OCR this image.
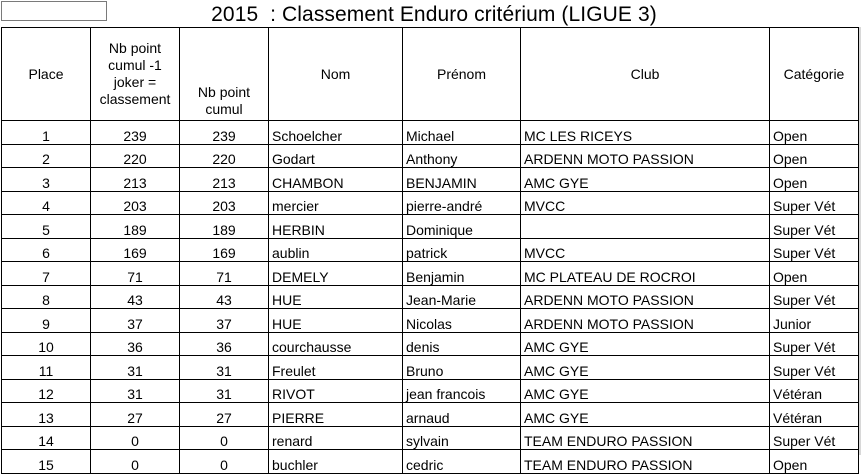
2015  : Classement Enduro critérium (LIGUE 3)
Place	Nb point cumul -1 joker = classement	Nb point cumul	Nom	Prénom	Club	Catégorie
1	239	239	Schoelcher	Michael	MC LES RICEYS	Open
2	220	220	Godart	Anthony	ARDENN MOTO PASSION	Open
3	213	213	CHAMBON	BENJAMIN	AMC GYE	Open
4	203	203	mercier	pierre-andré	MVCC	Super Vét
5	189	189	HERBIN	Dominique		Super Vét
6	169	169	aublin	patrick	MVCC	Super Vét
7	71	71	DEMELY	Benjamin	MC PLATEAU DE ROCROI	Open
8	43	43	HUE	Jean-Marie	ARDENN MOTO PASSION	Super Vét
9	37	37	HUE	Nicolas	ARDENN MOTO PASSION	Junior
10	36	36	courchausse	denis	AMC GYE	Super Vét
11	31	31	Freulet	Bruno	AMC GYE	Super Vét
12	31	31	RIVOT	jean francois	AMC GYE	Vétéran
13	27	27	PIERRE	arnaud	AMC GYE	Vétéran
14	0	0	renard	sylvain	TEAM ENDURO PASSION	Super Vét
15	0	0	buchler	cedric	TEAM ENDURO PASSION	Open
